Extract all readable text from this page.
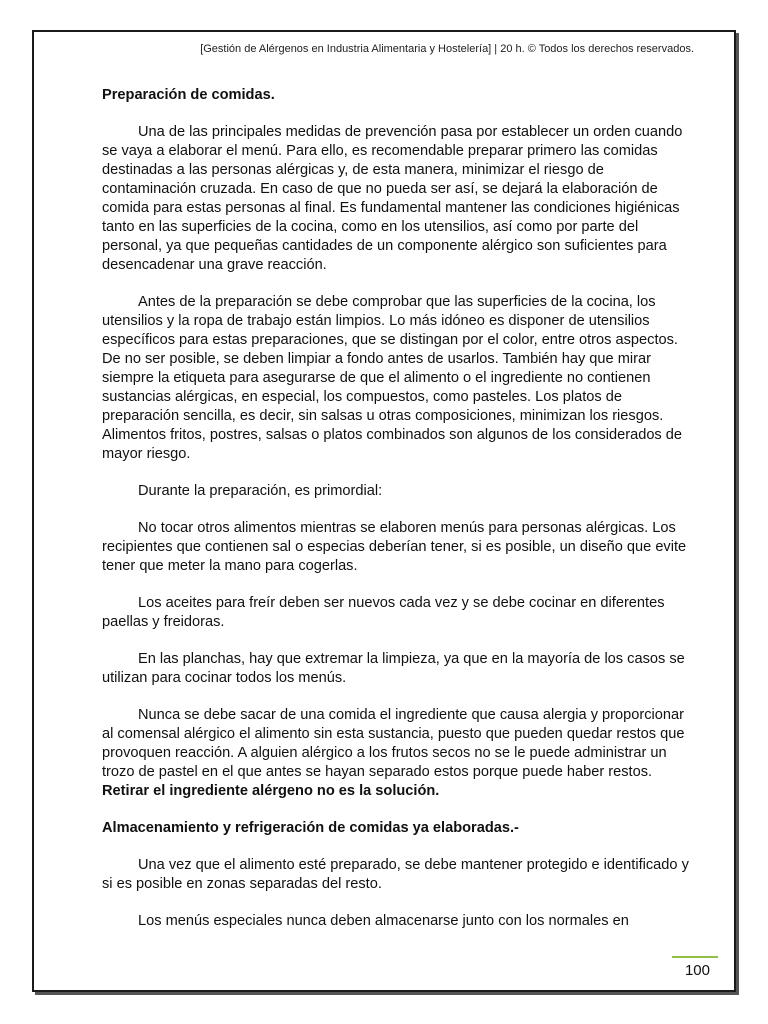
[Gestión de Alérgenos en Industria Alimentaria y Hostelería] | 20 h. © Todos los derechos reservados.
Preparación de comidas.

Una de las principales medidas de prevención pasa por establecer un orden cuando se vaya a elaborar el menú. Para ello, es recomendable preparar primero las comidas destinadas a las personas alérgicas y, de esta manera, minimizar el riesgo de contaminación cruzada. En caso de que no pueda ser así, se dejará la elaboración de comida para estas personas al final. Es fundamental mantener las condiciones higiénicas tanto en las superficies de la cocina, como en los utensilios, así como por parte del personal, ya que pequeñas cantidades de un componente alérgico son suficientes para desencadenar una grave reacción.

Antes de la preparación se debe comprobar que las superficies de la cocina, los utensilios y la ropa de trabajo están limpios. Lo más idóneo es disponer de utensilios específicos para estas preparaciones, que se distingan por el color, entre otros aspectos. De no ser posible, se deben limpiar a fondo antes de usarlos. También hay que mirar siempre la etiqueta para asegurarse de que el alimento o el ingrediente no contienen sustancias alérgicas, en especial, los compuestos, como pasteles. Los platos de preparación sencilla, es decir, sin salsas u otras composiciones, minimizan los riesgos. Alimentos fritos, postres, salsas o platos combinados son algunos de los considerados de mayor riesgo.

Durante la preparación, es primordial:

No tocar otros alimentos mientras se elaboren menús para personas alérgicas. Los recipientes que contienen sal o especias deberían tener, si es posible, un diseño que evite tener que meter la mano para cogerlas.

Los aceites para freír deben ser nuevos cada vez y se debe cocinar en diferentes paellas y freidoras.

En las planchas, hay que extremar la limpieza, ya que en la mayoría de los casos se utilizan para cocinar todos los menús.

Nunca se debe sacar de una comida el ingrediente que causa alergia y proporcionar al comensal alérgico el alimento sin esta sustancia, puesto que pueden quedar restos que provoquen reacción. A alguien alérgico a los frutos secos no se le puede administrar un trozo de pastel en el que antes se hayan separado estos porque puede haber restos. Retirar el ingrediente alérgeno no es la solución.

Almacenamiento y refrigeración de comidas ya elaboradas.-

Una vez que el alimento esté preparado, se debe mantener protegido e identificado y si es posible en zonas separadas del resto.

Los menús especiales nunca deben almacenarse junto con los normales en

100
